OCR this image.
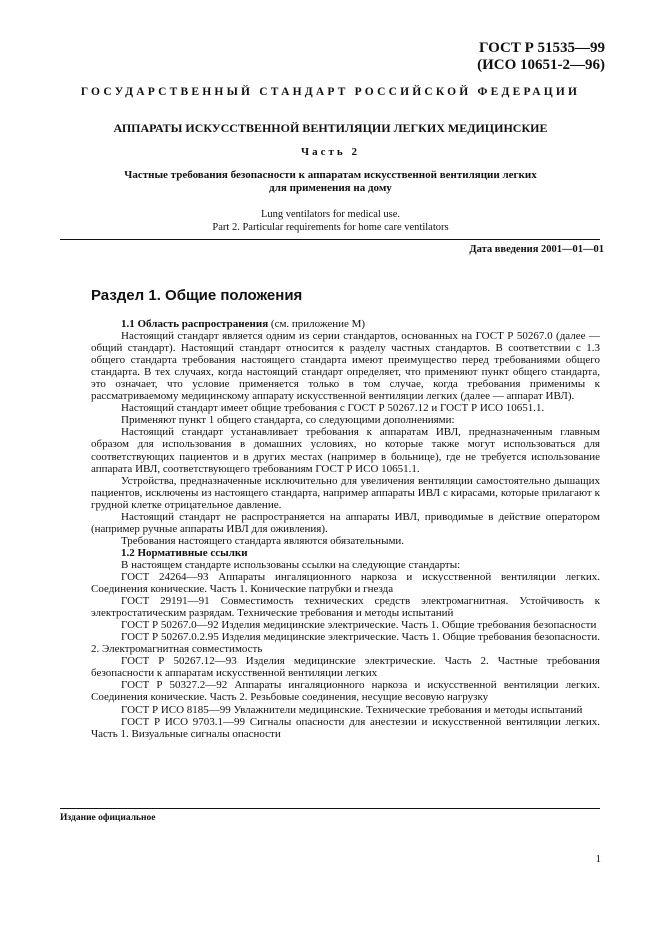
ГОСТ Р 51535—99
(ИСО 10651-2—96)
ГОСУДАРСТВЕННЫЙ СТАНДАРТ РОССИЙСКОЙ ФЕДЕРАЦИИ
АППАРАТЫ ИСКУССТВЕННОЙ ВЕНТИЛЯЦИИ ЛЕГКИХ МЕДИЦИНСКИЕ
Часть 2
Частные требования безопасности к аппаратам искусственной вентиляции легких
для применения на дому
Lung ventilators for medical use.
Part 2. Particular requirements for home care ventilators
Дата введения 2001—01—01
Раздел 1. Общие положения

1.1 Область распространения (см. приложение М)

Настоящий стандарт является одним из серии стандартов, основанных на ГОСТ Р 50267.0 (далее — общий стандарт). Настоящий стандарт относится к разделу частных стандартов. В соответствии с 1.3 общего стандарта требования настоящего стандарта имеют преимущество перед требованиями общего стандарта. В тех случаях, когда настоящий стандарт определяет, что применяют пункт общего стандарта, это означает, что условие применяется только в том случае, когда требования применимы к рассматриваемому медицинскому аппарату искусственной вентиляции легких (далее — аппарат ИВЛ).

Настоящий стандарт имеет общие требования с ГОСТ Р 50267.12 и ГОСТ Р ИСО 10651.1.

Применяют пункт 1 общего стандарта, со следующими дополнениями:

Настоящий стандарт устанавливает требования к аппаратам ИВЛ, предназначенным главным образом для использования в домашних условиях, но которые также могут использоваться для соответствующих пациентов и в других местах (например в больнице), где не требуется использование аппарата ИВЛ, соответствующего требованиям ГОСТ Р ИСО 10651.1.

Устройства, предназначенные исключительно для увеличения вентиляции самостоятельно дышащих пациентов, исключены из настоящего стандарта, например аппараты ИВЛ с кирасами, которые прилагают к грудной клетке отрицательное давление.

Настоящий стандарт не распространяется на аппараты ИВЛ, приводимые в действие оператором (например ручные аппараты ИВЛ для оживления).

Требования настоящего стандарта являются обязательными.

1.2 Нормативные ссылки

В настоящем стандарте использованы ссылки на следующие стандарты:

ГОСТ 24264—93 Аппараты ингаляционного наркоза и искусственной вентиляции легких. Соединения конические. Часть 1. Конические патрубки и гнезда

ГОСТ 29191—91 Совместимость технических средств электромагнитная. Устойчивость к электростатическим разрядам. Технические требования и методы испытаний

ГОСТ Р 50267.0—92 Изделия медицинские электрические. Часть 1. Общие требования безопасности

ГОСТ Р 50267.0.2.95 Изделия медицинские электрические. Часть 1. Общие требования безопасности. 2. Электромагнитная совместимость

ГОСТ Р 50267.12—93 Изделия медицинские электрические. Часть 2. Частные требования безопасности к аппаратам искусственной вентиляции легких

ГОСТ Р 50327.2—92 Аппараты ингаляционного наркоза и искусственной вентиляции легких. Соединения конические. Часть 2. Резьбовые соединения, несущие весовую нагрузку

ГОСТ Р ИСО 8185—99 Увлажнители медицинские. Технические требования и методы испытаний

ГОСТ Р ИСО 9703.1—99 Сигналы опасности для анестезии и искусственной вентиляции легких. Часть 1. Визуальные сигналы опасности

Издание официальное
1
